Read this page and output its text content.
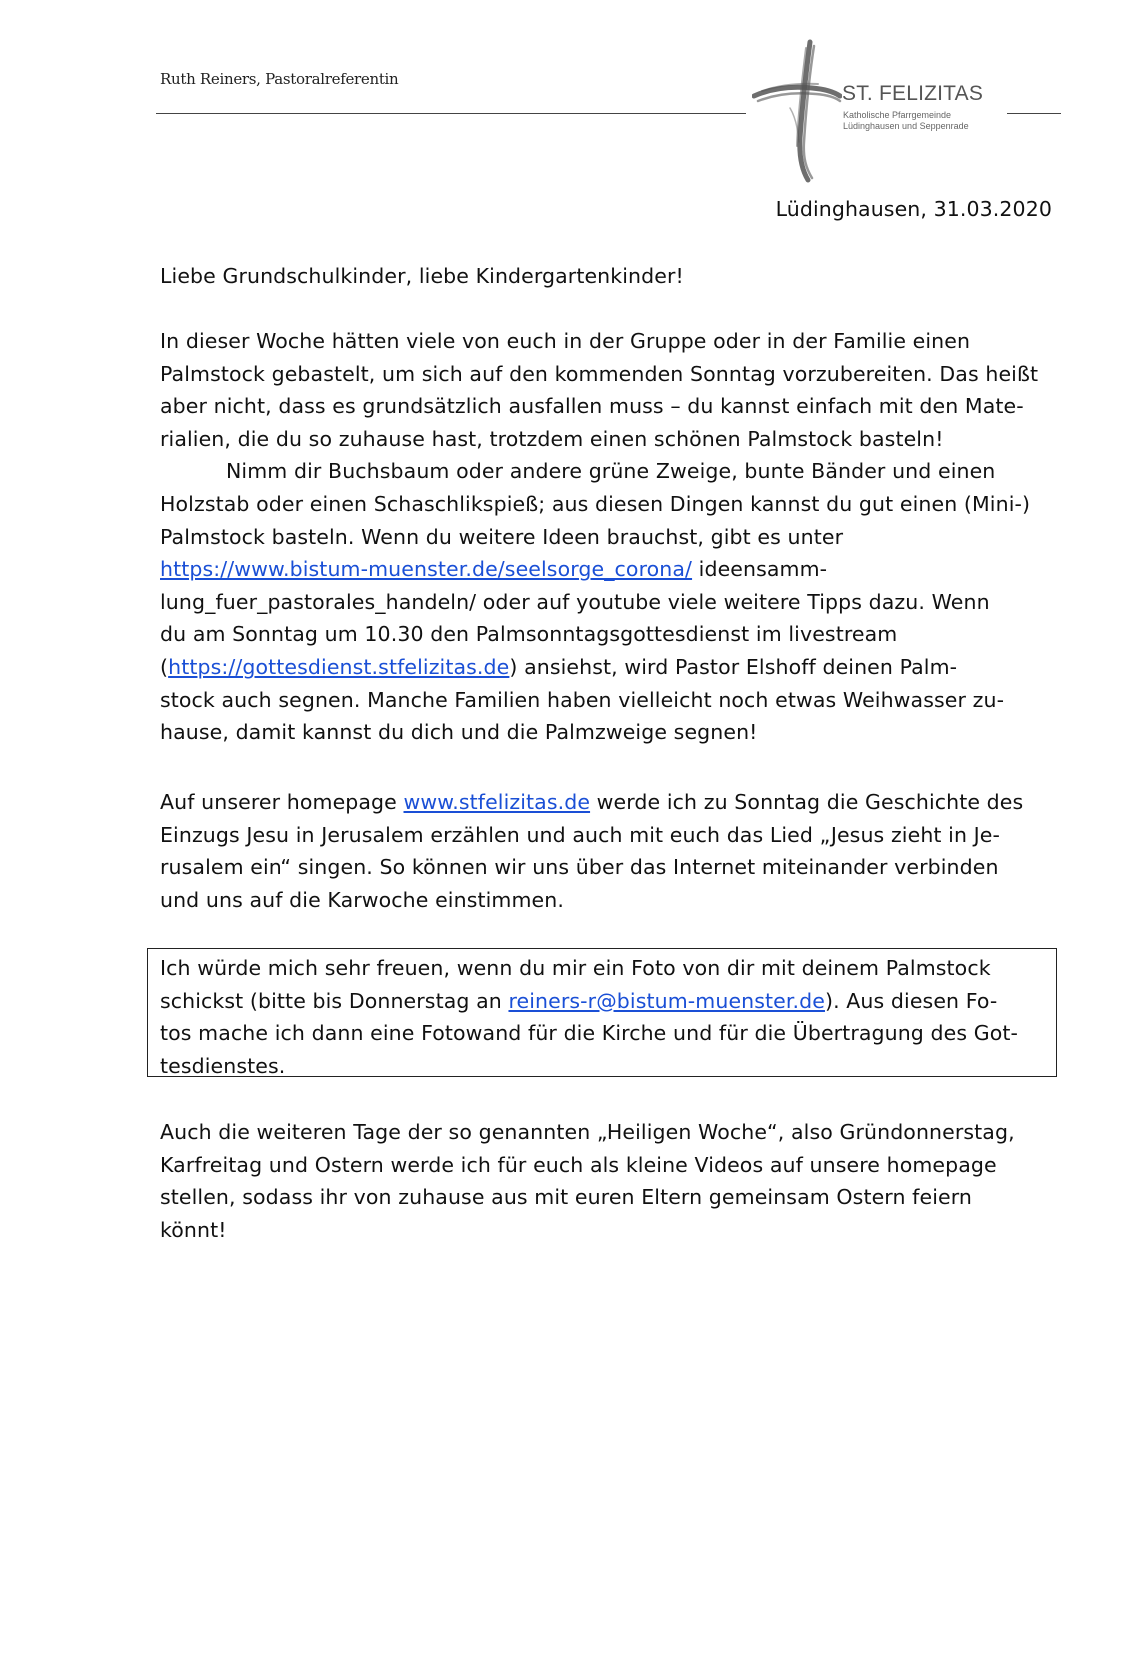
Ruth Reiners, Pastoralreferentin
ST. FELIZITAS
Katholische Pfarrgemeinde
Lüdinghausen und Seppenrade
Lüdinghausen, 31.03.2020
Liebe Grundschulkinder, liebe Kindergartenkinder!
In dieser Woche hätten viele von euch in der Gruppe oder in der Familie einen
Palmstock gebastelt, um sich auf den kommenden Sonntag vorzubereiten. Das heißt
aber nicht, dass es grundsätzlich ausfallen muss – du kannst einfach mit den Mate-
rialien, die du so zuhause hast, trotzdem einen schönen Palmstock basteln!
Nimm dir Buchsbaum oder andere grüne Zweige, bunte Bänder und einen
Holzstab oder einen Schaschlikspieß; aus diesen Dingen kannst du gut einen (Mini-)
Palmstock basteln. Wenn du weitere Ideen brauchst, gibt es unter
https://www.bistum-muenster.de/seelsorge_corona/ ideensamm-
lung_fuer_pastorales_handeln/ oder auf youtube viele weitere Tipps dazu. Wenn
du am Sonntag um 10.30 den Palmsonntagsgottesdienst im livestream
(https://gottesdienst.stfelizitas.de) ansiehst, wird Pastor Elshoff deinen Palm-
stock auch segnen. Manche Familien haben vielleicht noch etwas Weihwasser zu-
hause, damit kannst du dich und die Palmzweige segnen!
Auf unserer homepage www.stfelizitas.de werde ich zu Sonntag die Geschichte des
Einzugs Jesu in Jerusalem erzählen und auch mit euch das Lied „Jesus zieht in Je-
rusalem ein“ singen. So können wir uns über das Internet miteinander verbinden
und uns auf die Karwoche einstimmen.
Ich würde mich sehr freuen, wenn du mir ein Foto von dir mit deinem Palmstock
schickst (bitte bis Donnerstag an reiners-r@bistum-muenster.de). Aus diesen Fo-
tos mache ich dann eine Fotowand für die Kirche und für die Übertragung des Got-
tesdienstes.
Auch die weiteren Tage der so genannten „Heiligen Woche“, also Gründonnerstag,
Karfreitag und Ostern werde ich für euch als kleine Videos auf unsere homepage
stellen, sodass ihr von zuhause aus mit euren Eltern gemeinsam Ostern feiern
könnt!
